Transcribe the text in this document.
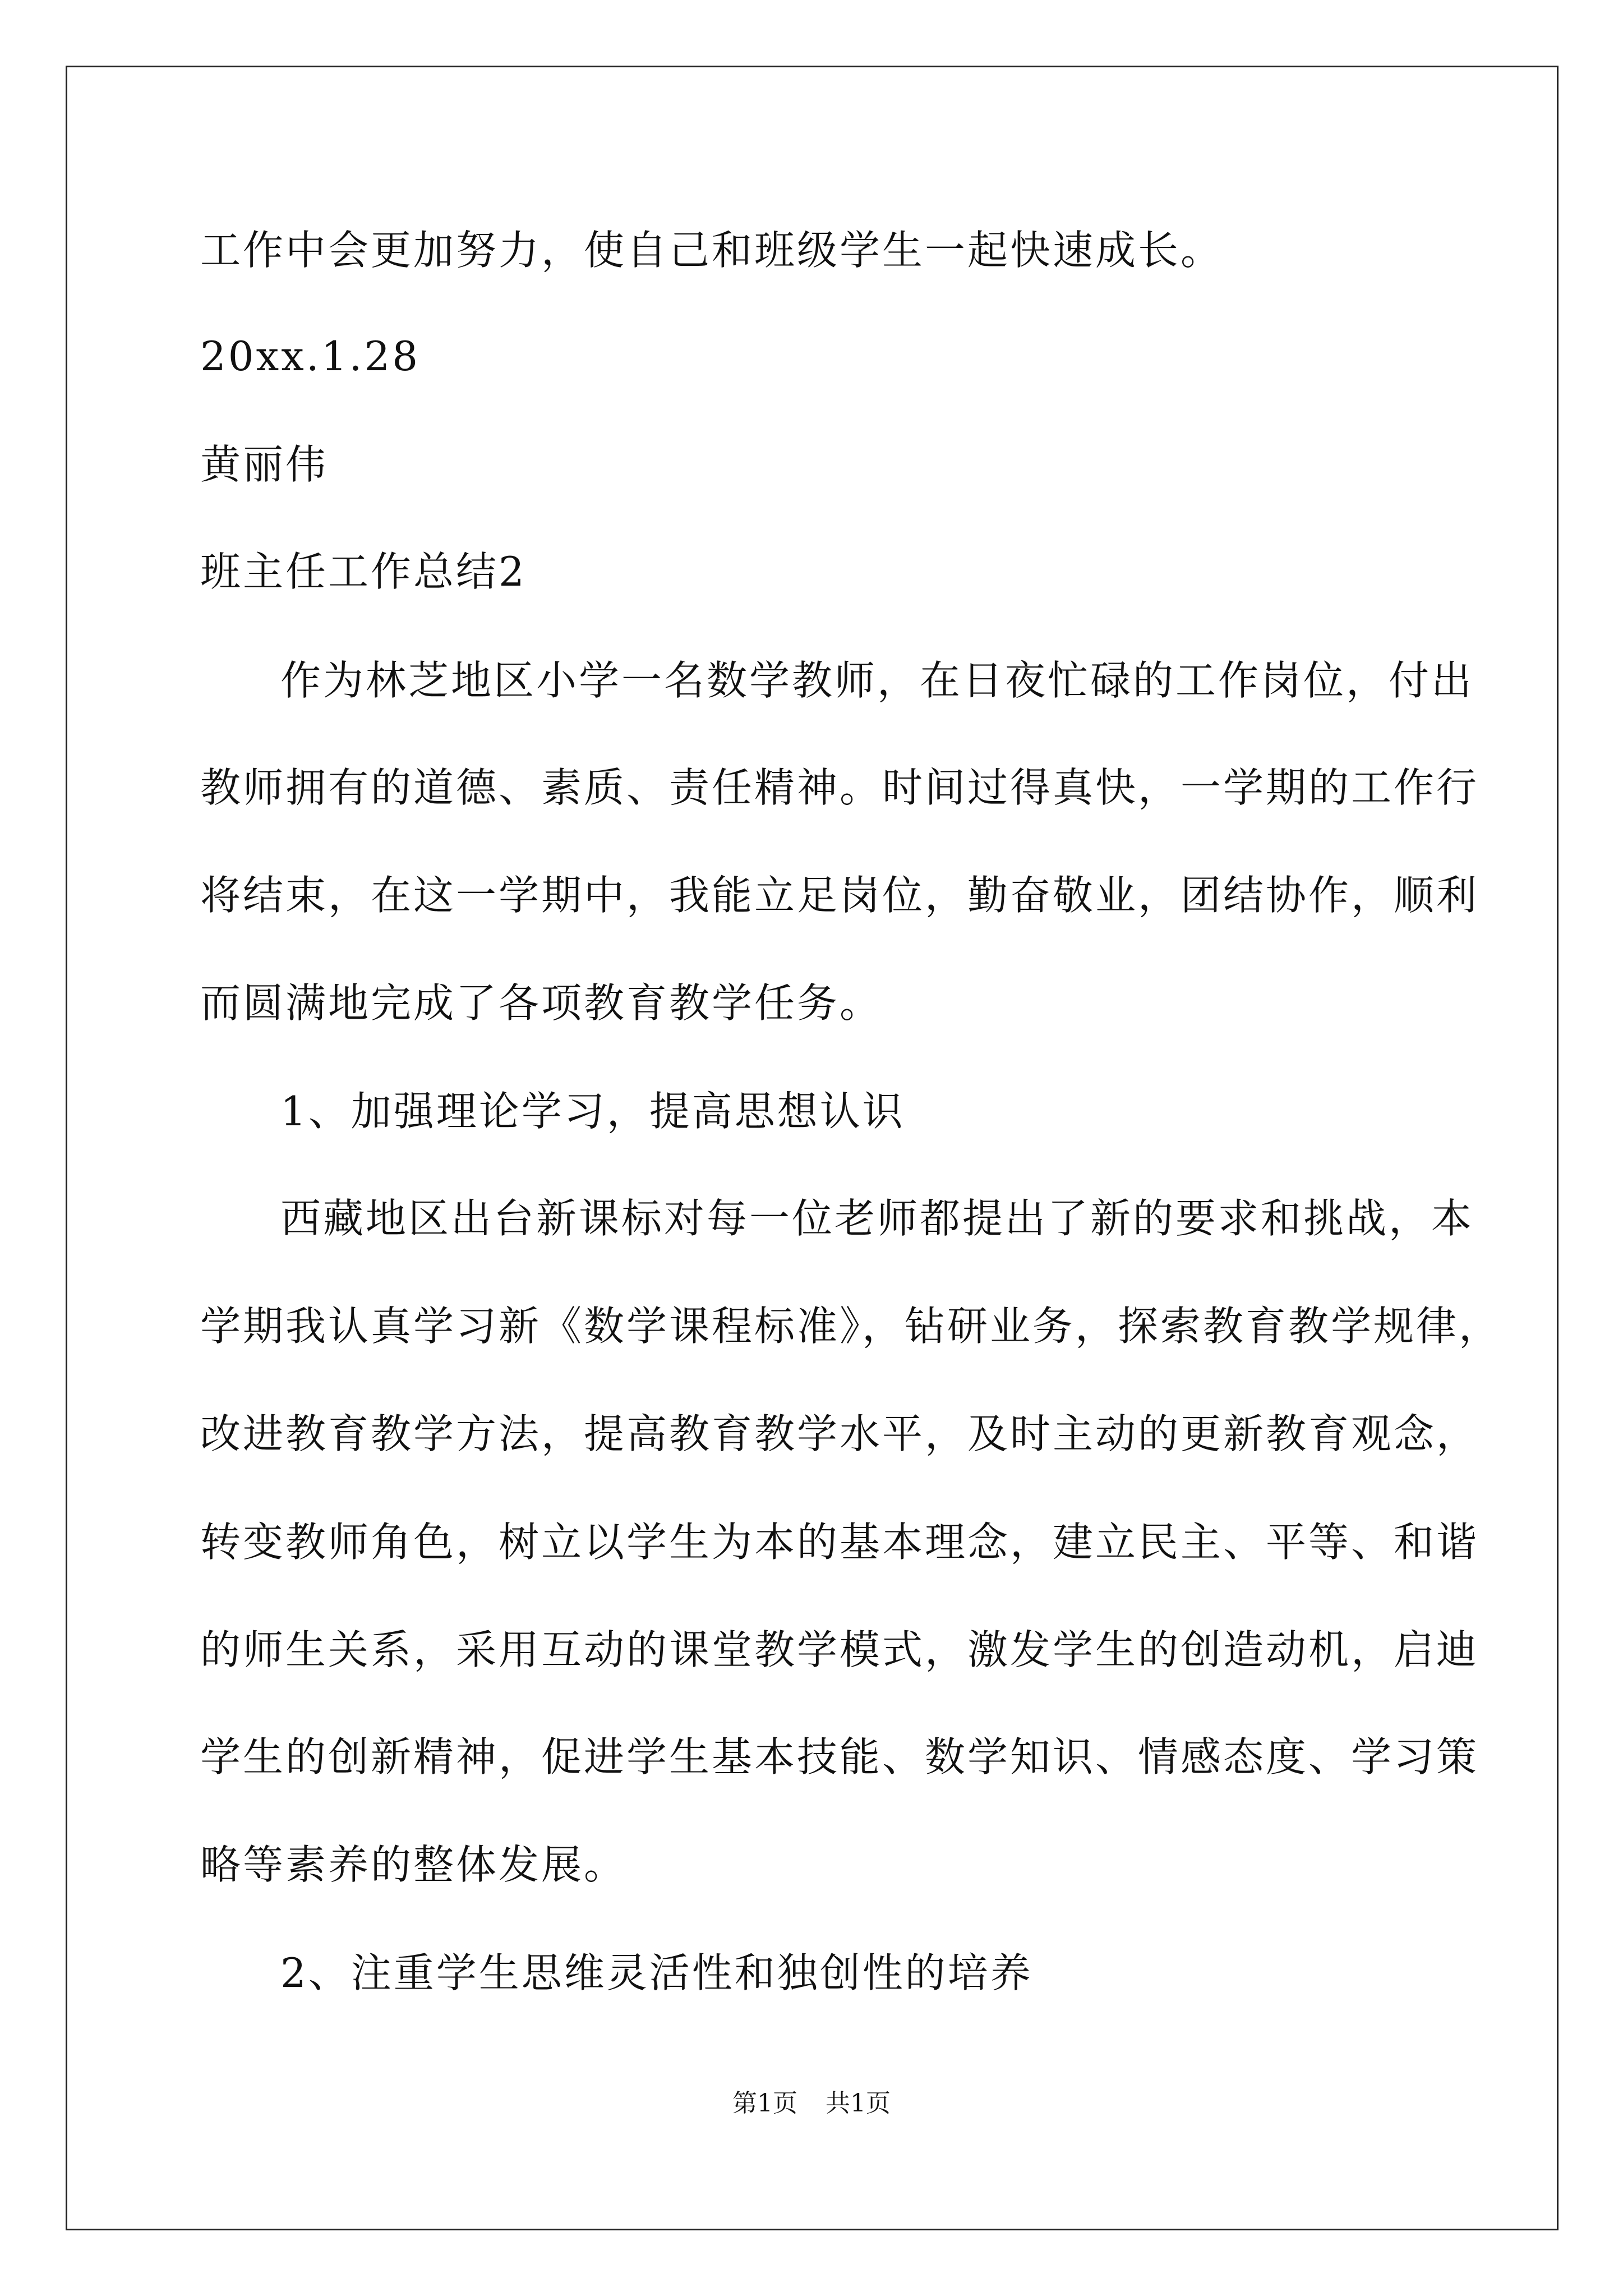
工作中会更加努力，使自己和班级学生一起快速成长。
20xx.1.28
黄丽伟
班主任工作总结2
作为林芝地区小学一名数学教师，在日夜忙碌的工作岗位，付出
教师拥有的道德、素质、责任精神。时间过得真快，一学期的工作行
将结束，在这一学期中，我能立足岗位，勤奋敬业，团结协作，顺利
而圆满地完成了各项教育教学任务。
1、加强理论学习，提高思想认识
西藏地区出台新课标对每一位老师都提出了新的要求和挑战，本
学期我认真学习新《数学课程标准》，钻研业务，探索教育教学规律，
改进教育教学方法，提高教育教学水平，及时主动的更新教育观念，
转变教师角色，树立以学生为本的基本理念，建立民主、平等、和谐
的师生关系，采用互动的课堂教学模式，激发学生的创造动机，启迪
学生的创新精神，促进学生基本技能、数学知识、情感态度、学习策
略等素养的整体发展。
2、注重学生思维灵活性和独创性的培养
第1页 共1页
